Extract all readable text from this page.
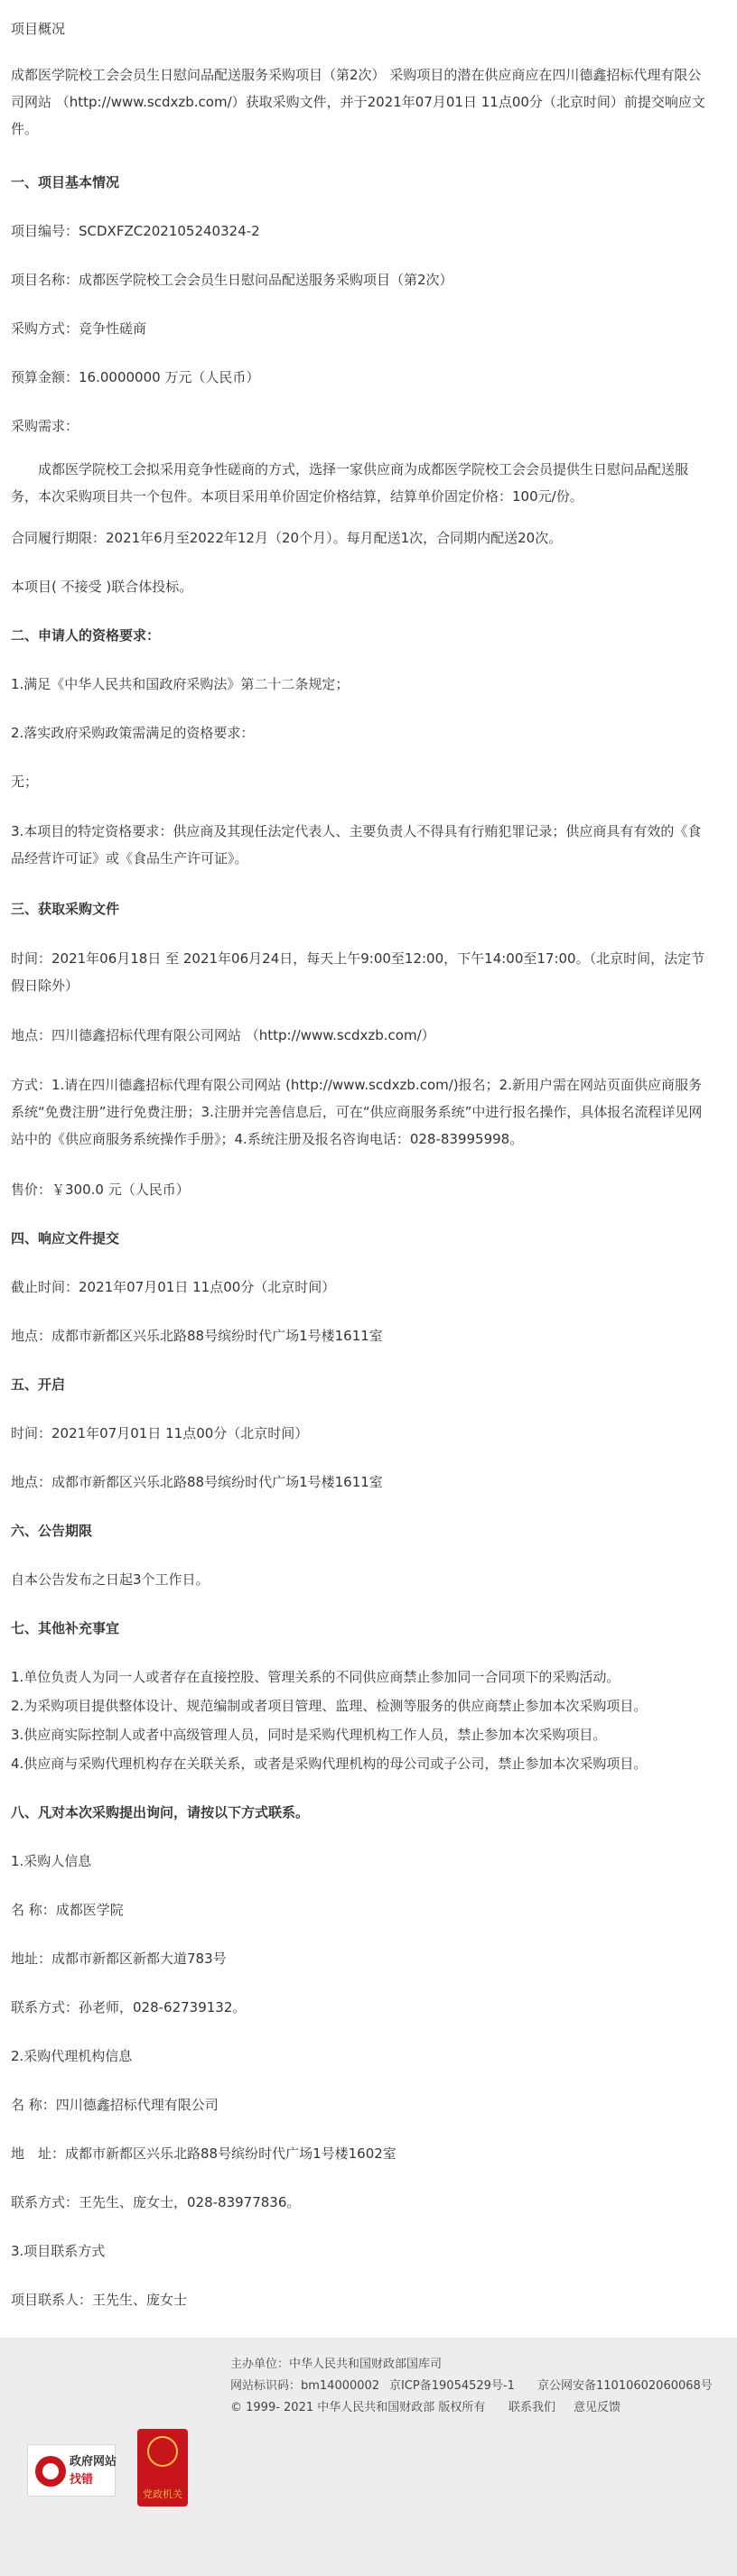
项目概况

成都医学院校工会会员生日慰问品配送服务采购项目（第2次） 采购项目的潜在供应商应在四川德鑫招标代理有限公司网站 （http://www.scdxzb.com/）获取采购文件，并于2021年07月01日 11点00分（北京时间）前提交响应文件。

一、项目基本情况

项目编号：SCDXFZC202105240324-2

项目名称：成都医学院校工会会员生日慰问品配送服务采购项目（第2次）

采购方式：竞争性磋商

预算金额：16.0000000 万元（人民币）

采购需求：

成都医学院校工会拟采用竞争性磋商的方式，选择一家供应商为成都医学院校工会会员提供生日慰问品配送服务，本次采购项目共一个包件。本项目采用单价固定价格结算，结算单价固定价格：100元/份。

合同履行期限：2021年6月至2022年12月（20个月）。每月配送1次，合同期内配送20次。

本项目( 不接受 )联合体投标。

二、申请人的资格要求：

1.满足《中华人民共和国政府采购法》第二十二条规定；

2.落实政府采购政策需满足的资格要求：

无；

3.本项目的特定资格要求：供应商及其现任法定代表人、主要负责人不得具有行贿犯罪记录；供应商具有有效的《食品经营许可证》或《食品生产许可证》。

三、获取采购文件

时间：2021年06月18日 至 2021年06月24日，每天上午9:00至12:00，下午14:00至17:00。（北京时间，法定节假日除外）

地点：四川德鑫招标代理有限公司网站 （http://www.scdxzb.com/）

方式：1.请在四川德鑫招标代理有限公司网站 (http://www.scdxzb.com/)报名；2.新用户需在网站页面供应商服务系统“免费注册”进行免费注册；3.注册并完善信息后，可在“供应商服务系统”中进行报名操作，具体报名流程详见网站中的《供应商服务系统操作手册》；4.系统注册及报名咨询电话：028-83995998。

售价：￥300.0 元（人民币）

四、响应文件提交

截止时间：2021年07月01日 11点00分（北京时间）

地点：成都市新都区兴乐北路88号缤纷时代广场1号楼1611室

五、开启

时间：2021年07月01日 11点00分（北京时间）

地点：成都市新都区兴乐北路88号缤纷时代广场1号楼1611室

六、公告期限

自本公告发布之日起3个工作日。

七、其他补充事宜

1.单位负责人为同一人或者存在直接控股、管理关系的不同供应商禁止参加同一合同项下的采购活动。

2.为采购项目提供整体设计、规范编制或者项目管理、监理、检测等服务的供应商禁止参加本次采购项目。

3.供应商实际控制人或者中高级管理人员，同时是采购代理机构工作人员，禁止参加本次采购项目。

4.供应商与采购代理机构存在关联关系，或者是采购代理机构的母公司或子公司，禁止参加本次采购项目。

八、凡对本次采购提出询问，请按以下方式联系。

1.采购人信息

名 称：成都医学院

地址：成都市新都区新都大道783号

联系方式：孙老师，028-62739132。

2.采购代理机构信息

名 称：四川德鑫招标代理有限公司

地　址：成都市新都区兴乐北路88号缤纷时代广场1号楼1602室

联系方式：王先生、庞女士，028-83977836。

3.项目联系方式

项目联系人：王先生、庞女士

政府网站
找错
党政机关
主办单位：中华人民共和国财政部国库司
网站标识码：bm14000002 京ICP备19054529号-1 京公网安备11010602060068号
© 1999- 2021 中华人民共和国财政部 版权所有 联系我们 意见反馈
